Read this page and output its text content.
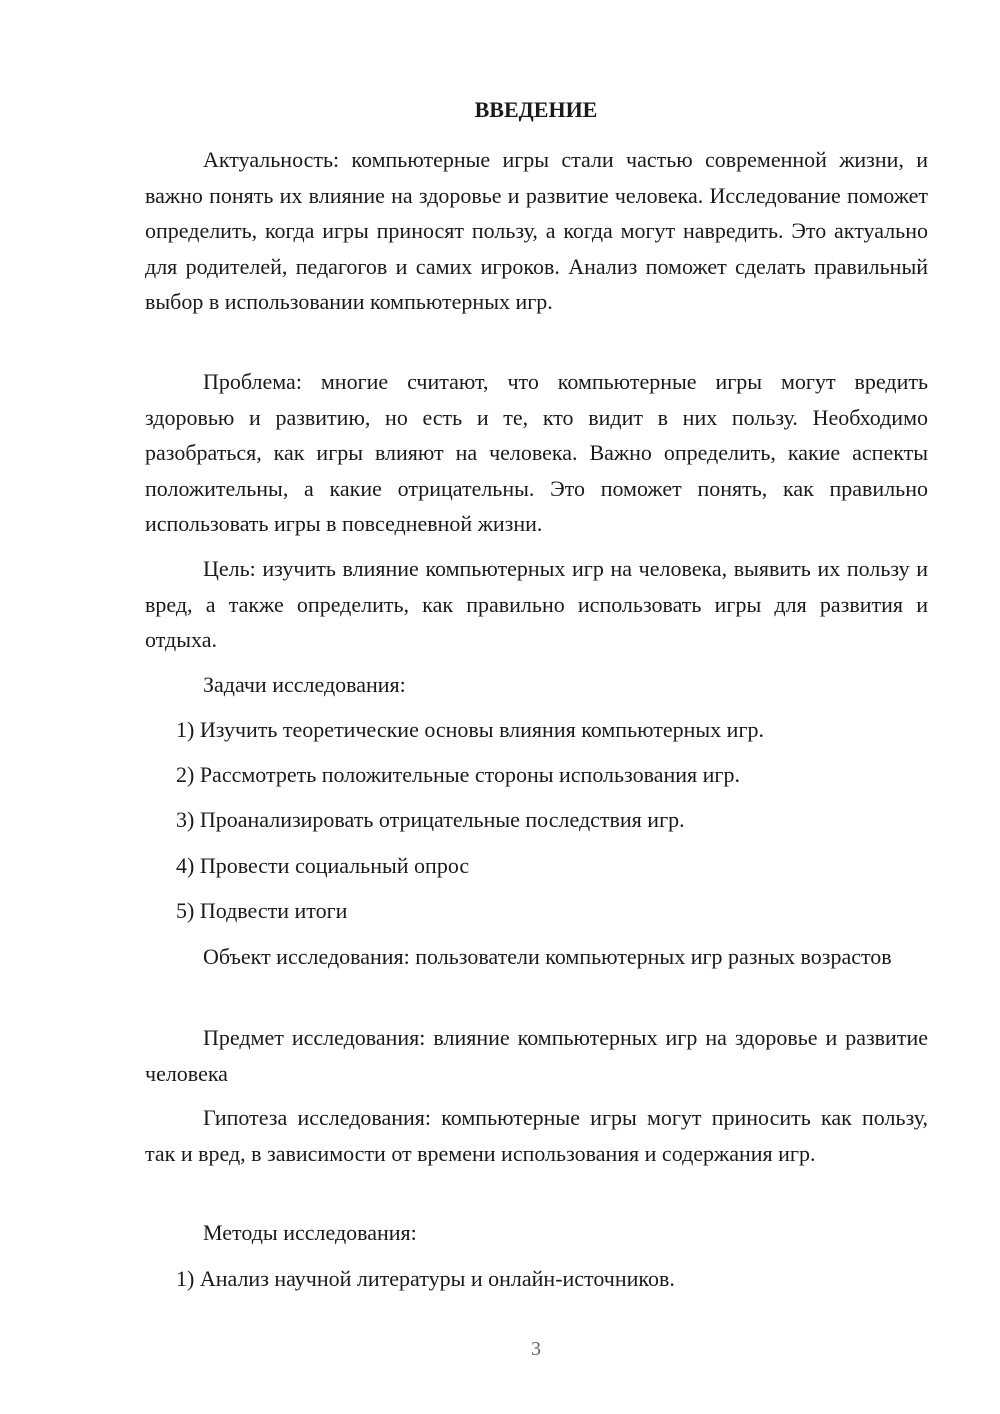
ВВЕДЕНИЕ

Актуальность: компьютерные игры стали частью современной жизни, и важно понять их влияние на здоровье и развитие человека. Исследование поможет определить, когда игры приносят пользу, а когда могут навредить. Это актуально для родителей, педагогов и самих игроков. Анализ поможет сделать правильный выбор в использовании компьютерных игр.

Проблема: многие считают, что компьютерные игры могут вредить здоровью и развитию, но есть и те, кто видит в них пользу. Необходимо разобраться, как игры влияют на человека. Важно определить, какие аспекты положительны, а какие отрицательны. Это поможет понять, как правильно использовать игры в повседневной жизни.

Цель: изучить влияние компьютерных игр на человека, выявить их пользу и вред, а также определить, как правильно использовать игры для развития и отдыха.

Задачи исследования:

1) Изучить теоретические основы влияния компьютерных игр.

2) Рассмотреть положительные стороны использования игр.

3) Проанализировать отрицательные последствия игр.

4) Провести социальный опрос

5) Подвести итоги

Объект исследования: пользователи компьютерных игр разных возрастов

Предмет исследования: влияние компьютерных игр на здоровье и развитие человека

Гипотеза исследования: компьютерные игры могут приносить как пользу, так и вред, в зависимости от времени использования и содержания игр.

Методы исследования:

1) Анализ научной литературы и онлайн-источников.

3
